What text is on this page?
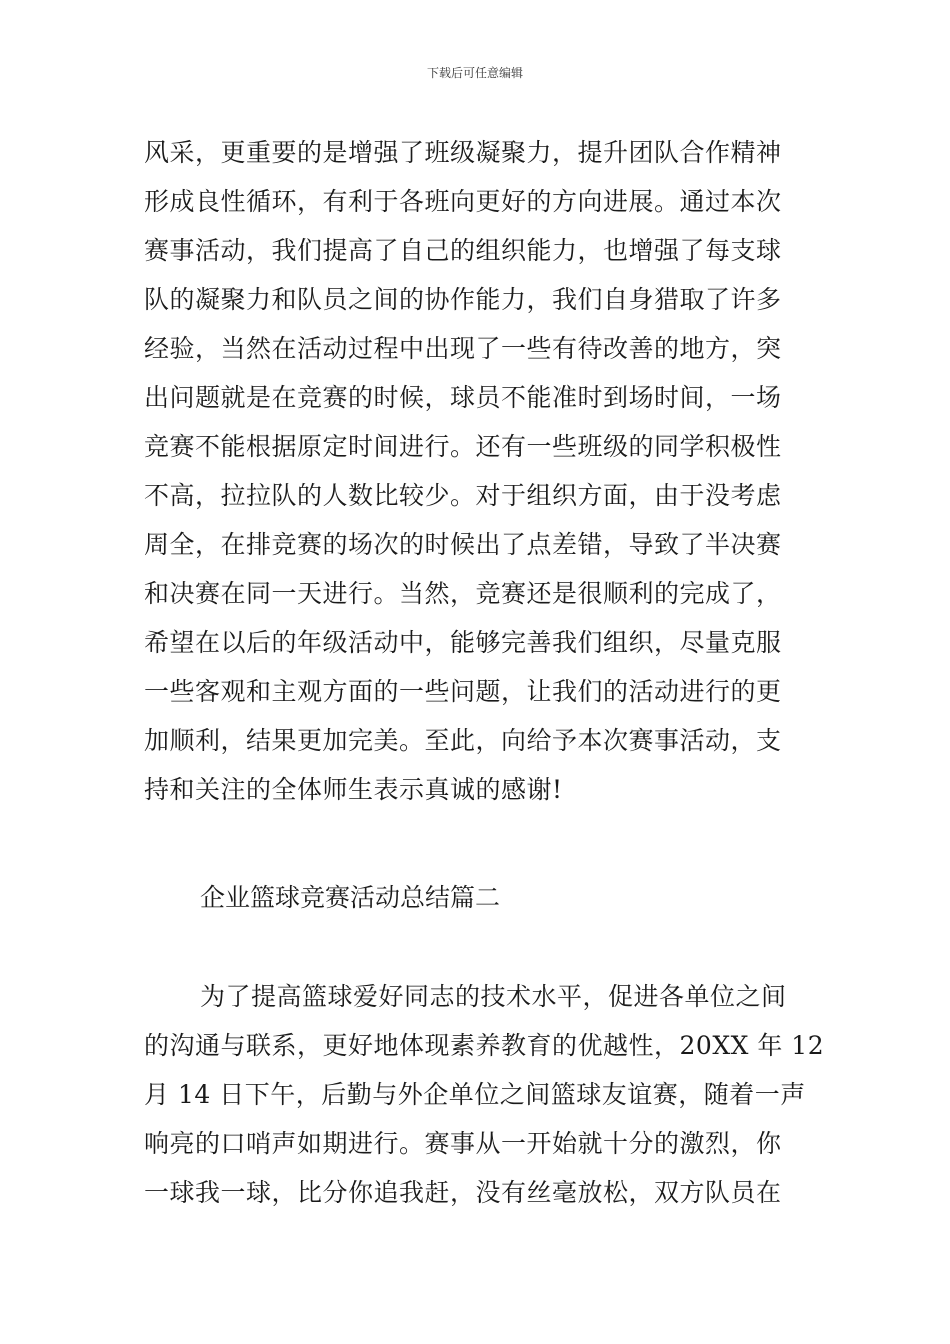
下载后可任意编辑
风采，更重要的是增强了班级凝聚力，提升团队合作精神
形成良性循环，有利于各班向更好的方向进展。通过本次
赛事活动，我们提高了自己的组织能力，也增强了每支球
队的凝聚力和队员之间的协作能力，我们自身猎取了许多
经验，当然在活动过程中出现了一些有待改善的地方，突
出问题就是在竞赛的时候，球员不能准时到场时间，一场
竞赛不能根据原定时间进行。还有一些班级的同学积极性
不高，拉拉队的人数比较少。对于组织方面，由于没考虑
周全，在排竞赛的场次的时候出了点差错，导致了半决赛
和决赛在同一天进行。当然，竞赛还是很顺利的完成了，
希望在以后的年级活动中，能够完善我们组织，尽量克服
一些客观和主观方面的一些问题，让我们的活动进行的更
加顺利，结果更加完美。至此，向给予本次赛事活动，支
持和关注的全体师生表示真诚的感谢!
企业篮球竞赛活动总结篇二
为了提高篮球爱好同志的技术水平，促进各单位之间
的沟通与联系，更好地体现素养教育的优越性，20XX 年 12
月 14 日下午，后勤与外企单位之间篮球友谊赛，随着一声
响亮的口哨声如期进行。赛事从一开始就十分的激烈，你
一球我一球，比分你追我赶，没有丝毫放松，双方队员在
